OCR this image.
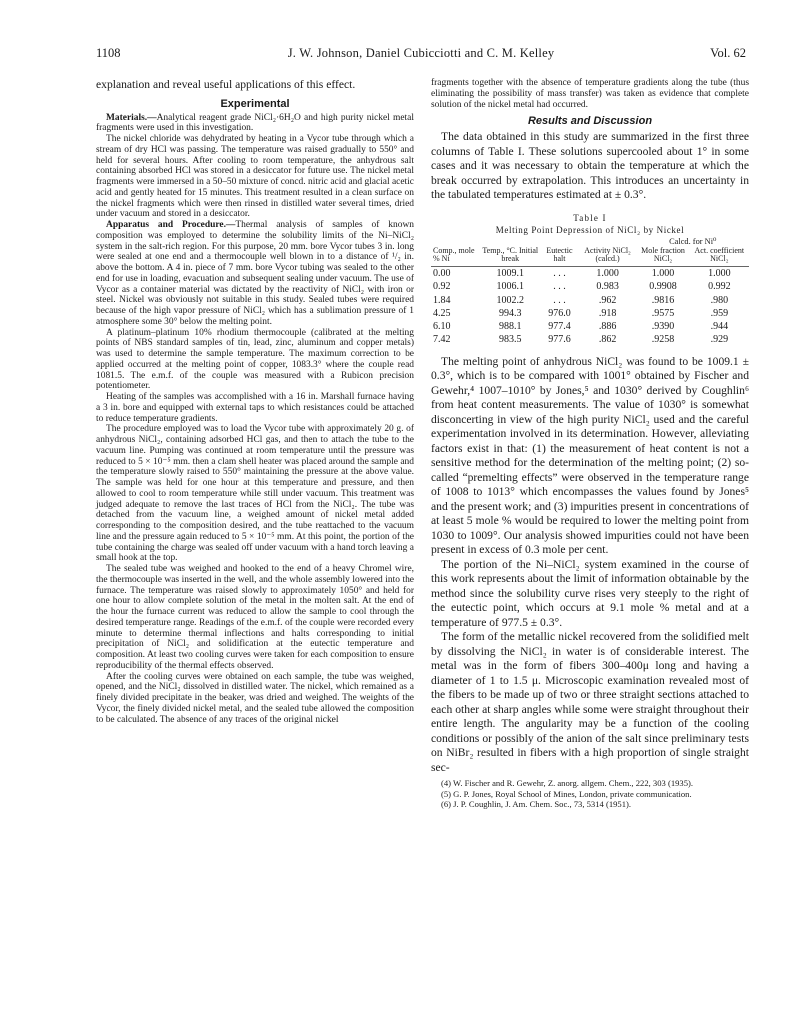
1108	J. W. Johnson, Daniel Cubicciotti and C. M. Kelley	Vol. 62

explanation and reveal useful applications of this effect.

Experimental

Materials.—Analytical reagent grade NiCl₂·6H₂O and high purity nickel metal fragments were used in this investigation.

The nickel chloride was dehydrated by heating in a Vycor tube through which a stream of dry HCl was passing. The temperature was raised gradually to 550° and held for several hours. After cooling to room temperature, the anhydrous salt containing absorbed HCl was stored in a desiccator for future use. The nickel metal fragments were immersed in a 50–50 mixture of concd. nitric acid and glacial acetic acid and gently heated for 15 minutes. This treatment resulted in a clean surface on the nickel fragments which were then rinsed in distilled water several times, dried under vacuum and stored in a desiccator.

Apparatus and Procedure.—Thermal analysis of samples of known composition was employed to determine the solubility limits of the Ni–NiCl₂ system in the salt-rich region. For this purpose, 20 mm. bore Vycor tubes 3 in. long were sealed at one end and a thermocouple well blown in to a distance of ¹/₂ in. above the bottom. A 4 in. piece of 7 mm. bore Vycor tubing was sealed to the other end for use in loading, evacuation and subsequent sealing under vacuum. The use of Vycor as a container material was dictated by the reactivity of NiCl₂ with iron or steel. Nickel was obviously not suitable in this study. Sealed tubes were required because of the high vapor pressure of NiCl₂ which has a sublimation pressure of 1 atmosphere some 30° below the melting point.

A platinum–platinum 10% rhodium thermocouple (calibrated at the melting points of NBS standard samples of tin, lead, zinc, aluminum and copper metals) was used to determine the sample temperature. The maximum correction to be applied occurred at the melting point of copper, 1083.3° where the couple read 1081.5. The e.m.f. of the couple was measured with a Rubicon precision potentiometer.

Heating of the samples was accomplished with a 16 in. Marshall furnace having a 3 in. bore and equipped with external taps to which resistances could be attached to reduce temperature gradients.

The procedure employed was to load the Vycor tube with approximately 20 g. of anhydrous NiCl₂, containing adsorbed HCl gas, and then to attach the tube to the vacuum line. Pumping was continued at room temperature until the pressure was reduced to 5 × 10⁻⁵ mm. then a clam shell heater was placed around the sample and the temperature slowly raised to 550° maintaining the pressure at the above value. The sample was held for one hour at this temperature and pressure, and then allowed to cool to room temperature while still under vacuum. This treatment was judged adequate to remove the last traces of HCl from the NiCl₂. The tube was detached from the vacuum line, a weighed amount of nickel metal added corresponding to the composition desired, and the tube reattached to the vacuum line and the pressure again reduced to 5 × 10⁻⁵ mm. At this point, the portion of the tube containing the charge was sealed off under vacuum with a hand torch leaving a small hook at the top.

The sealed tube was weighed and hooked to the end of a heavy Chromel wire, the thermocouple was inserted in the well, and the whole assembly lowered into the furnace. The temperature was raised slowly to approximately 1050° and held for one hour to allow complete solution of the metal in the molten salt. At the end of the hour the furnace current was reduced to allow the sample to cool through the desired temperature range. Readings of the e.m.f. of the couple were recorded every minute to determine thermal inflections and halts corresponding to initial precipitation of NiCl₂ and solidification at the eutectic temperature and composition. At least two cooling curves were taken for each composition to ensure reproducibility of the thermal effects observed.

After the cooling curves were obtained on each sample, the tube was weighed, opened, and the NiCl₂ dissolved in distilled water. The nickel, which remained as a finely divided precipitate in the beaker, was dried and weighed. The weights of the Vycor, the finely divided nickel metal, and the sealed tube allowed the composition to be calculated. The absence of any traces of the original nickel

fragments together with the absence of temperature gradients along the tube (thus eliminating the possibility of mass transfer) was taken as evidence that complete solution of the nickel metal had occurred.

Results and Discussion

The data obtained in this study are summarized in the first three columns of Table I. These solutions supercooled about 1° in some cases and it was necessary to obtain the temperature at which the break occurred by extrapolation. This introduces an uncertainty in the tabulated temperatures estimated at ± 0.3°.

Table I
Melting Point Depression of NiCl₂ by Nickel
				Calcd. for Ni⁰	
Comp., mole % Ni	Temp., °C. Initial break	Eutectic halt	Activity NiCl₂ (calcd.)	Mole fraction NiCl₂	Act. coefficient NiCl₂
0.00	1009.1	. . .	1.000	1.000	1.000
0.92	1006.1	. . .	0.983	0.9908	0.992
1.84	1002.2	. . .	.962	.9816	.980
4.25	994.3	976.0	.918	.9575	.959
6.10	988.1	977.4	.886	.9390	.944
7.42	983.5	977.6	.862	.9258	.929

The melting point of anhydrous NiCl₂ was found to be 1009.1 ± 0.3°, which is to be compared with 1001° obtained by Fischer and Gewehr,⁴ 1007–1010° by Jones,⁵ and 1030° derived by Coughlin⁶ from heat content measurements. The value of 1030° is somewhat disconcerting in view of the high purity NiCl₂ used and the careful experimentation involved in its determination. However, alleviating factors exist in that: (1) the measurement of heat content is not a sensitive method for the determination of the melting point; (2) so-called “premelting effects” were observed in the temperature range of 1008 to 1013° which encompasses the values found by Jones⁵ and the present work; and (3) impurities present in concentrations of at least 5 mole % would be required to lower the melting point from 1030 to 1009°. Our analysis showed impurities could not have been present in excess of 0.3 mole per cent.

The portion of the Ni–NiCl₂ system examined in the course of this work represents about the limit of information obtainable by the method since the solubility curve rises very steeply to the right of the eutectic point, which occurs at 9.1 mole % metal and at a temperature of 977.5 ± 0.3°.

The form of the metallic nickel recovered from the solidified melt by dissolving the NiCl₂ in water is of considerable interest. The metal was in the form of fibers 300–400μ long and having a diameter of 1 to 1.5 μ. Microscopic examination revealed most of the fibers to be made up of two or three straight sections attached to each other at sharp angles while some were straight throughout their entire length. The angularity may be a function of the cooling conditions or possibly of the anion of the salt since preliminary tests on NiBr₂ resulted in fibers with a high proportion of single straight sec-

(4) W. Fischer and R. Gewehr, Z. anorg. allgem. Chem., 222, 303 (1935).

(5) G. P. Jones, Royal School of Mines, London, private communication.

(6) J. P. Coughlin, J. Am. Chem. Soc., 73, 5314 (1951).
